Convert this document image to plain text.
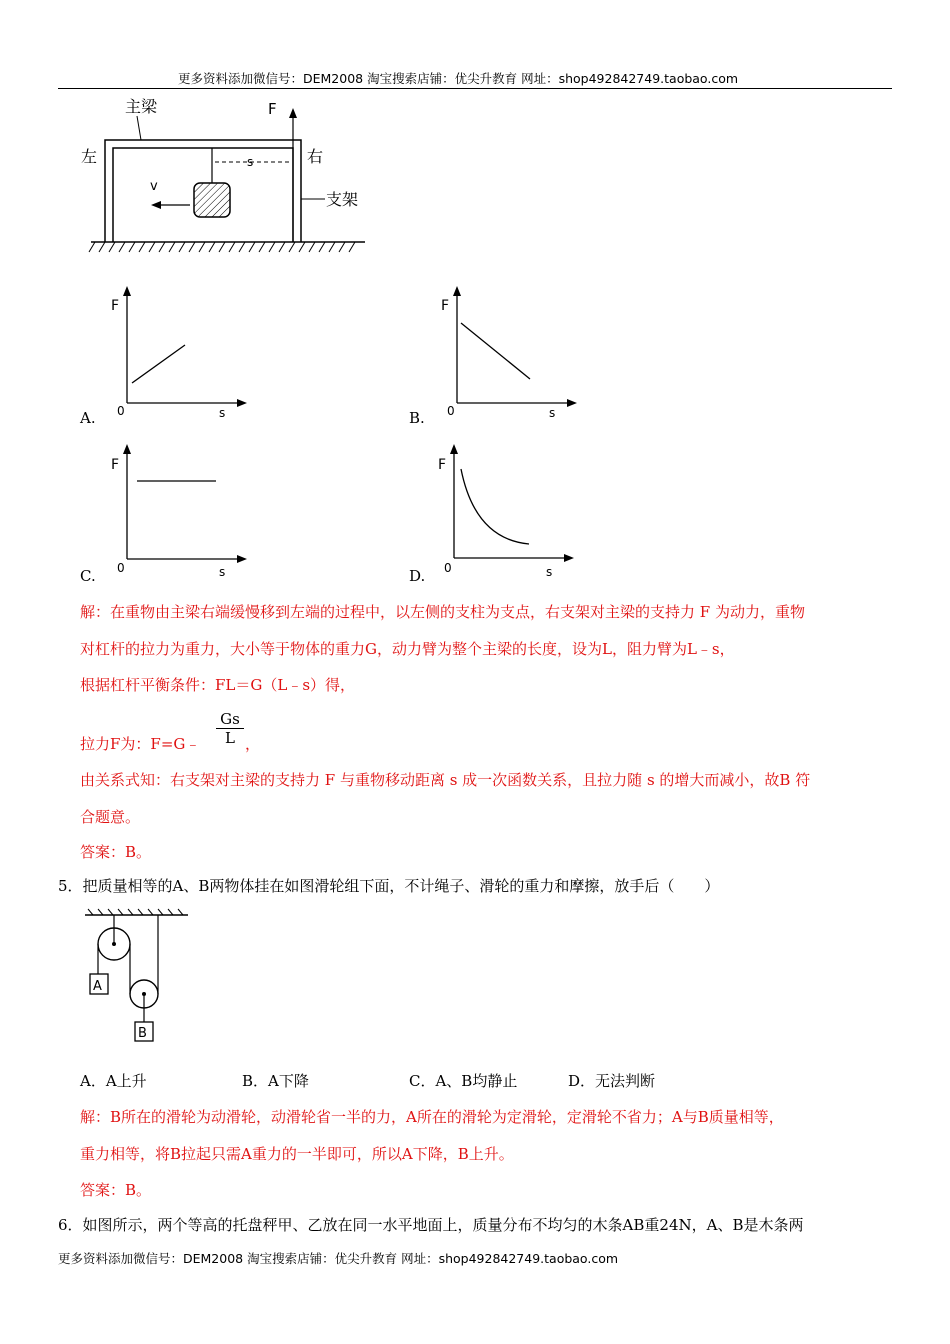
更多资料添加微信号：DEM2008 淘宝搜索店铺：优尖升教育 网址：shop492842749.taobao.com
主梁	F
左	右
v
s
支架
F
0	s
A.
F
0	s
B.
F
0	s
C.
F
0	s
D.
解：在重物由主梁右端缓慢移到左端的过程中，以左侧的支柱为支点，右支架对主梁的支持力 F 为动力，重物
对杠杆的拉力为重力，大小等于物体的重力G，动力臂为整个主梁的长度，设为L，阻力臂为L﹣s，
根据杠杆平衡条件：FL＝G（L﹣s）得，
拉力F为：F=G﹣ $\frac{Gs}{L}$ ，
由关系式知：右支架对主梁的支持力 F 与重物移动距离 s 成一次函数关系，且拉力随 s 的增大而减小，故B 符
合题意。
答案：B。
5．把质量相等的A、B两物体挂在如图滑轮组下面，不计绳子、滑轮的重力和摩擦，放手后（　　）
A
B
A．A上升	B．A下降	C．A、B均静止	D．无法判断
解：B所在的滑轮为动滑轮，动滑轮省一半的力，A所在的滑轮为定滑轮，定滑轮不省力；A与B质量相等，
重力相等，将B拉起只需A重力的一半即可，所以A下降，B上升。
答案：B。
6．如图所示，两个等高的托盘秤甲、乙放在同一水平地面上，质量分布不均匀的木条AB重24N，A、B是木条两
更多资料添加微信号：DEM2008 淘宝搜索店铺：优尖升教育 网址：shop492842749.taobao.com
